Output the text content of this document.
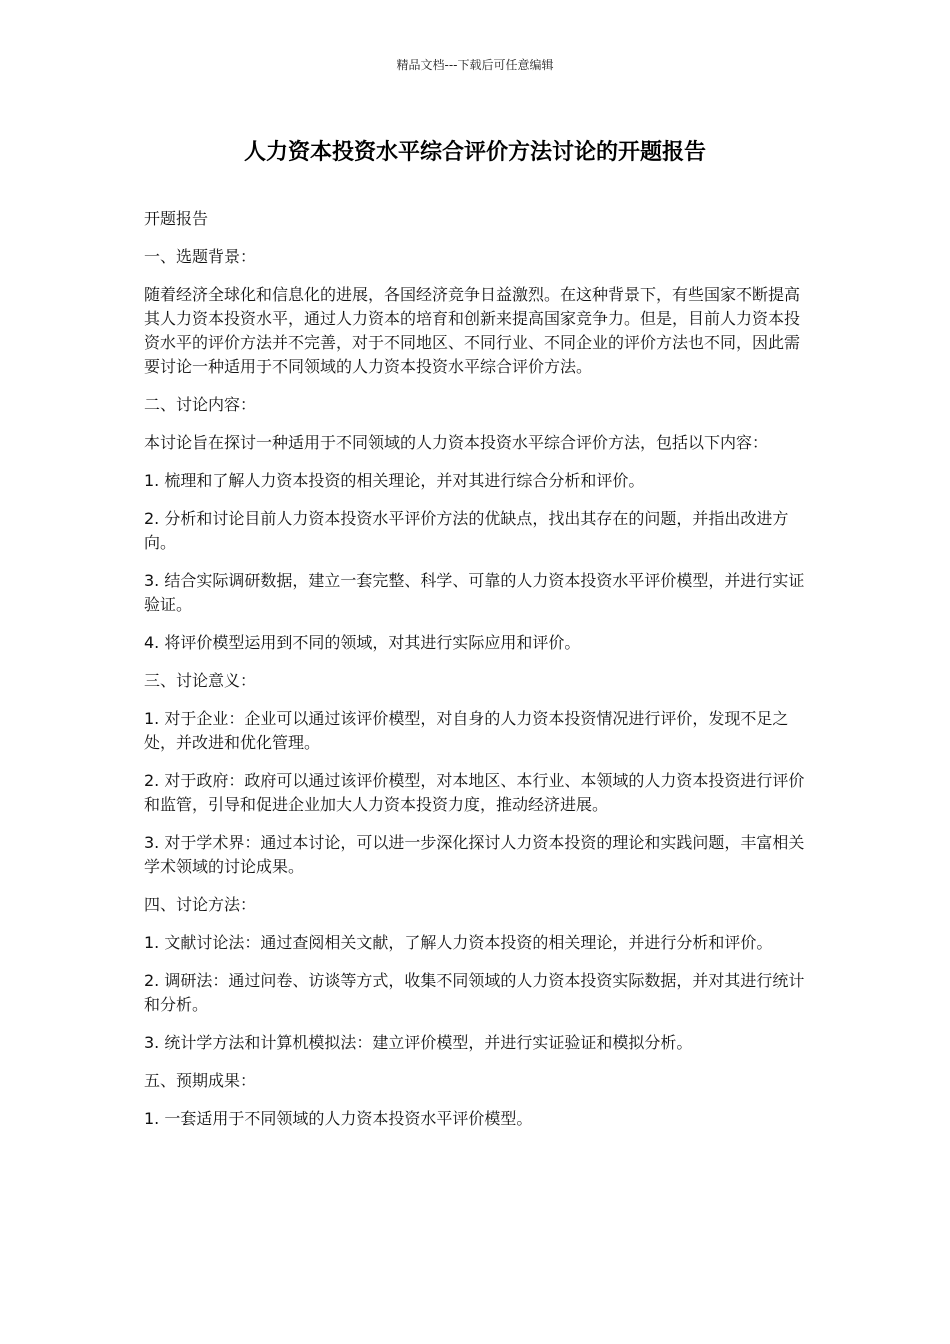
精品文档---下载后可任意编辑
人力资本投资水平综合评价方法讨论的开题报告

开题报告

一、选题背景：

随着经济全球化和信息化的进展，各国经济竞争日益激烈。在这种背景下，有些国家不断提高其人力资本投资水平，通过人力资本的培育和创新来提高国家竞争力。但是，目前人力资本投资水平的评价方法并不完善，对于不同地区、不同行业、不同企业的评价方法也不同，因此需要讨论一种适用于不同领域的人力资本投资水平综合评价方法。

二、讨论内容：

本讨论旨在探讨一种适用于不同领域的人力资本投资水平综合评价方法，包括以下内容：

1. 梳理和了解人力资本投资的相关理论，并对其进行综合分析和评价。

2. 分析和讨论目前人力资本投资水平评价方法的优缺点，找出其存在的问题，并指出改进方向。

3. 结合实际调研数据，建立一套完整、科学、可靠的人力资本投资水平评价模型，并进行实证验证。

4. 将评价模型运用到不同的领域，对其进行实际应用和评价。

三、讨论意义：

1. 对于企业：企业可以通过该评价模型，对自身的人力资本投资情况进行评价，发现不足之处，并改进和优化管理。

2. 对于政府：政府可以通过该评价模型，对本地区、本行业、本领域的人力资本投资进行评价和监管，引导和促进企业加大人力资本投资力度，推动经济进展。

3. 对于学术界：通过本讨论，可以进一步深化探讨人力资本投资的理论和实践问题，丰富相关学术领域的讨论成果。

四、讨论方法：

1. 文献讨论法：通过查阅相关文献，了解人力资本投资的相关理论，并进行分析和评价。

2. 调研法：通过问卷、访谈等方式，收集不同领域的人力资本投资实际数据，并对其进行统计和分析。

3. 统计学方法和计算机模拟法：建立评价模型，并进行实证验证和模拟分析。

五、预期成果：

1. 一套适用于不同领域的人力资本投资水平评价模型。
